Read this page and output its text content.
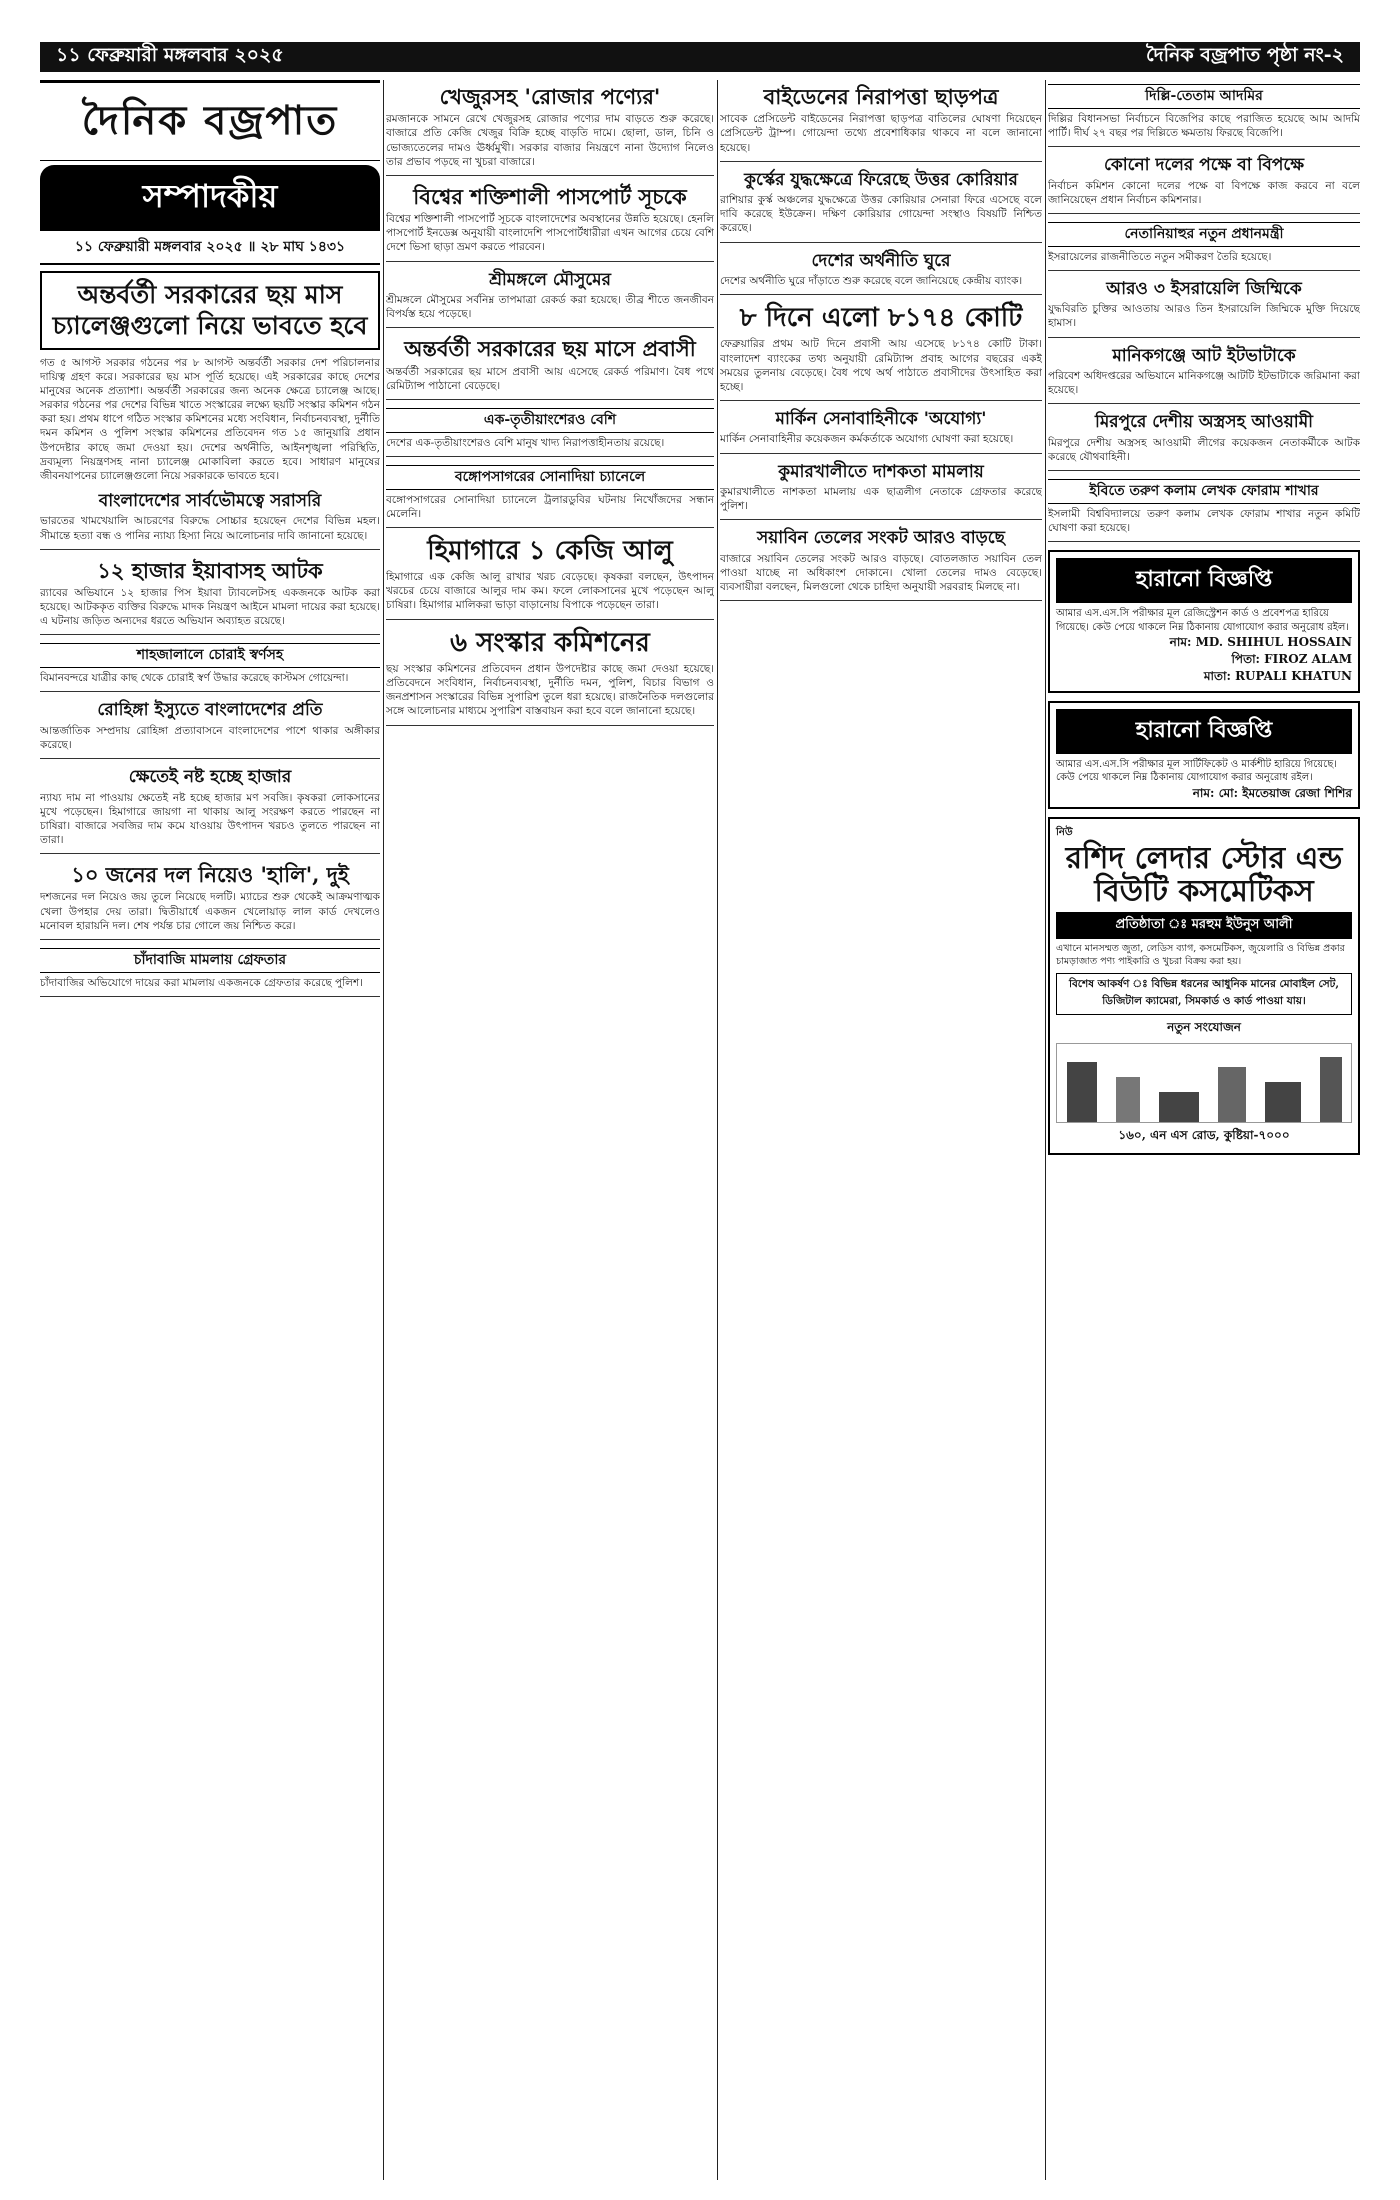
১১ ফেব্রুয়ারী মঙ্গলবার ২০২৫	দৈনিক বজ্রপাত পৃষ্ঠা নং-২
দৈনিক বজ্রপাত
সম্পাদকীয়
১১ ফেব্রুয়ারী মঙ্গলবার ২০২৫ ॥ ২৮ মাঘ ১৪৩১
অন্তর্বর্তী সরকারের ছয় মাস চ্যালেঞ্জগুলো নিয়ে ভাবতে হবে
গত ৫ আগস্ট সরকার গঠনের পর ৮ আগস্ট অন্তর্বর্তী সরকার দেশ পরিচালনার দায়িত্ব গ্রহণ করে। সরকারের ছয় মাস পূর্তি হয়েছে। এই সরকারের কাছে দেশের মানুষের অনেক প্রত্যাশা। অন্তর্বর্তী সরকারের জন্য অনেক ক্ষেত্রে চ্যালেঞ্জ আছে। সরকার গঠনের পর দেশের বিভিন্ন খাতে সংস্কারের লক্ষ্যে ছয়টি সংস্কার কমিশন গঠন করা হয়। প্রথম ধাপে গঠিত সংস্কার কমিশনের মধ্যে সংবিধান, নির্বাচনব্যবস্থা, দুর্নীতি দমন কমিশন ও পুলিশ সংস্কার কমিশনের প্রতিবেদন গত ১৫ জানুয়ারি প্রধান উপদেষ্টার কাছে জমা দেওয়া হয়। দেশের অর্থনীতি, আইনশৃঙ্খলা পরিস্থিতি, দ্রব্যমূল্য নিয়ন্ত্রণসহ নানা চ্যালেঞ্জ মোকাবিলা করতে হবে। সাধারণ মানুষের জীবনযাপনের চ্যালেঞ্জগুলো নিয়ে সরকারকে ভাবতে হবে।
বাংলাদেশের সার্বভৌমত্বে সরাসরি
ভারতের খামখেয়ালি আচরণের বিরুদ্ধে সোচ্চার হয়েছেন দেশের বিভিন্ন মহল। সীমান্তে হত্যা বন্ধ ও পানির ন্যায্য হিস্যা নিয়ে আলোচনার দাবি জানানো হয়েছে।
১২ হাজার ইয়াবাসহ আটক
র‍্যাবের অভিযানে ১২ হাজার পিস ইয়াবা ট্যাবলেটসহ একজনকে আটক করা হয়েছে। আটককৃত ব্যক্তির বিরুদ্ধে মাদক নিয়ন্ত্রণ আইনে মামলা দায়ের করা হয়েছে। এ ঘটনায় জড়িত অন্যদের ধরতে অভিযান অব্যাহত রয়েছে।
শাহজালালে চোরাই স্বর্ণসহ
বিমানবন্দরে যাত্রীর কাছ থেকে চোরাই স্বর্ণ উদ্ধার করেছে কাস্টমস গোয়েন্দা।
রোহিঙ্গা ইস্যুতে বাংলাদেশের প্রতি
আন্তর্জাতিক সম্প্রদায় রোহিঙ্গা প্রত্যাবাসনে বাংলাদেশের পাশে থাকার অঙ্গীকার করেছে।
ক্ষেতেই নষ্ট হচ্ছে হাজার
ন্যায্য দাম না পাওয়ায় ক্ষেতেই নষ্ট হচ্ছে হাজার মণ সবজি। কৃষকরা লোকসানের মুখে পড়েছেন। হিমাগারে জায়গা না থাকায় আলু সংরক্ষণ করতে পারছেন না চাষিরা। বাজারে সবজির দাম কমে যাওয়ায় উৎপাদন খরচও তুলতে পারছেন না তারা।
১০ জনের দল নিয়েও 'হালি', দুই
দশজনের দল নিয়েও জয় তুলে নিয়েছে দলটি। ম্যাচের শুরু থেকেই আক্রমণাত্মক খেলা উপহার দেয় তারা। দ্বিতীয়ার্ধে একজন খেলোয়াড় লাল কার্ড দেখলেও মনোবল হারায়নি দল। শেষ পর্যন্ত চার গোলে জয় নিশ্চিত করে।
চাঁদাবাজি মামলায় গ্রেফতার
চাঁদাবাজির অভিযোগে দায়ের করা মামলায় একজনকে গ্রেফতার করেছে পুলিশ।
খেজুরসহ 'রোজার পণ্যের'
রমজানকে সামনে রেখে খেজুরসহ রোজার পণ্যের দাম বাড়তে শুরু করেছে। বাজারে প্রতি কেজি খেজুর বিক্রি হচ্ছে বাড়তি দামে। ছোলা, ডাল, চিনি ও ভোজ্যতেলের দামও ঊর্ধ্বমুখী। সরকার বাজার নিয়ন্ত্রণে নানা উদ্যোগ নিলেও তার প্রভাব পড়ছে না খুচরা বাজারে।
বিশ্বের শক্তিশালী পাসপোর্ট সূচকে
বিশ্বের শক্তিশালী পাসপোর্ট সূচকে বাংলাদেশের অবস্থানের উন্নতি হয়েছে। হেনলি পাসপোর্ট ইনডেক্স অনুযায়ী বাংলাদেশি পাসপোর্টধারীরা এখন আগের চেয়ে বেশি দেশে ভিসা ছাড়া ভ্রমণ করতে পারবেন।
শ্রীমঙ্গলে মৌসুমের
শ্রীমঙ্গলে মৌসুমের সর্বনিম্ন তাপমাত্রা রেকর্ড করা হয়েছে। তীব্র শীতে জনজীবন বিপর্যস্ত হয়ে পড়েছে।
অন্তর্বর্তী সরকারের ছয় মাসে প্রবাসী
অন্তর্বর্তী সরকারের ছয় মাসে প্রবাসী আয় এসেছে রেকর্ড পরিমাণ। বৈধ পথে রেমিট্যান্স পাঠানো বেড়েছে।
এক-তৃতীয়াংশেরও বেশি
দেশের এক-তৃতীয়াংশেরও বেশি মানুষ খাদ্য নিরাপত্তাহীনতায় রয়েছে।
বঙ্গোপসাগরের সোনাদিয়া চ্যানেলে
বঙ্গোপসাগরের সোনাদিয়া চ্যানেলে ট্রলারডুবির ঘটনায় নিখোঁজদের সন্ধান মেলেনি।
হিমাগারে ১ কেজি আলু
হিমাগারে এক কেজি আলু রাখার খরচ বেড়েছে। কৃষকরা বলছেন, উৎপাদন খরচের চেয়ে বাজারে আলুর দাম কম। ফলে লোকসানের মুখে পড়েছেন আলু চাষিরা। হিমাগার মালিকরা ভাড়া বাড়ানোয় বিপাকে পড়েছেন তারা।
৬ সংস্কার কমিশনের
ছয় সংস্কার কমিশনের প্রতিবেদন প্রধান উপদেষ্টার কাছে জমা দেওয়া হয়েছে। প্রতিবেদনে সংবিধান, নির্বাচনব্যবস্থা, দুর্নীতি দমন, পুলিশ, বিচার বিভাগ ও জনপ্রশাসন সংস্কারের বিভিন্ন সুপারিশ তুলে ধরা হয়েছে। রাজনৈতিক দলগুলোর সঙ্গে আলোচনার মাধ্যমে সুপারিশ বাস্তবায়ন করা হবে বলে জানানো হয়েছে।
বাইডেনের নিরাপত্তা ছাড়পত্র
সাবেক প্রেসিডেন্ট বাইডেনের নিরাপত্তা ছাড়পত্র বাতিলের ঘোষণা দিয়েছেন প্রেসিডেন্ট ট্রাম্প। গোয়েন্দা তথ্যে প্রবেশাধিকার থাকবে না বলে জানানো হয়েছে।
কুর্স্কের যুদ্ধক্ষেত্রে ফিরেছে উত্তর কোরিয়ার
রাশিয়ার কুর্স্ক অঞ্চলের যুদ্ধক্ষেত্রে উত্তর কোরিয়ার সেনারা ফিরে এসেছে বলে দাবি করেছে ইউক্রেন। দক্ষিণ কোরিয়ার গোয়েন্দা সংস্থাও বিষয়টি নিশ্চিত করেছে।
দেশের অর্থনীতি ঘুরে
দেশের অর্থনীতি ঘুরে দাঁড়াতে শুরু করেছে বলে জানিয়েছে কেন্দ্রীয় ব্যাংক।
৮ দিনে এলো ৮১৭৪ কোটি
ফেব্রুয়ারির প্রথম আট দিনে প্রবাসী আয় এসেছে ৮১৭৪ কোটি টাকা। বাংলাদেশ ব্যাংকের তথ্য অনুযায়ী রেমিট্যান্স প্রবাহ আগের বছরের একই সময়ের তুলনায় বেড়েছে। বৈধ পথে অর্থ পাঠাতে প্রবাসীদের উৎসাহিত করা হচ্ছে।
মার্কিন সেনাবাহিনীকে 'অযোগ্য'
মার্কিন সেনাবাহিনীর কয়েকজন কর্মকর্তাকে অযোগ্য ঘোষণা করা হয়েছে।
কুমারখালীতে দাশকতা মামলায়
কুমারখালীতে নাশকতা মামলায় এক ছাত্রলীগ নেতাকে গ্রেফতার করেছে পুলিশ।
সয়াবিন তেলের সংকট আরও বাড়ছে
বাজারে সয়াবিন তেলের সংকট আরও বাড়ছে। বোতলজাত সয়াবিন তেল পাওয়া যাচ্ছে না অধিকাংশ দোকানে। খোলা তেলের দামও বেড়েছে। ব্যবসায়ীরা বলছেন, মিলগুলো থেকে চাহিদা অনুযায়ী সরবরাহ মিলছে না।
দিল্লি-তেতাম আদমির
দিল্লির বিধানসভা নির্বাচনে বিজেপির কাছে পরাজিত হয়েছে আম আদমি পার্টি। দীর্ঘ ২৭ বছর পর দিল্লিতে ক্ষমতায় ফিরছে বিজেপি।
কোনো দলের পক্ষে বা বিপক্ষে
নির্বাচন কমিশন কোনো দলের পক্ষে বা বিপক্ষে কাজ করবে না বলে জানিয়েছেন প্রধান নির্বাচন কমিশনার।
নেতানিয়াহুর নতুন প্রধানমন্ত্রী
ইসরায়েলের রাজনীতিতে নতুন সমীকরণ তৈরি হয়েছে।
আরও ৩ ইসরায়েলি জিম্মিকে
যুদ্ধবিরতি চুক্তির আওতায় আরও তিন ইসরায়েলি জিম্মিকে মুক্তি দিয়েছে হামাস।
মানিকগঞ্জে আট ইটভাটাকে
পরিবেশ অধিদপ্তরের অভিযানে মানিকগঞ্জে আটটি ইটভাটাকে জরিমানা করা হয়েছে।
মিরপুরে দেশীয় অস্ত্রসহ আওয়ামী
মিরপুরে দেশীয় অস্ত্রসহ আওয়ামী লীগের কয়েকজন নেতাকর্মীকে আটক করেছে যৌথবাহিনী।
ইবিতে তরুণ কলাম লেখক ফোরাম শাখার
ইসলামী বিশ্ববিদ্যালয়ে তরুণ কলাম লেখক ফোরাম শাখার নতুন কমিটি ঘোষণা করা হয়েছে।
হারানো বিজ্ঞপ্তি
আমার এস.এস.সি পরীক্ষার মূল রেজিস্ট্রেশন কার্ড ও প্রবেশপত্র হারিয়ে গিয়েছে। কেউ পেয়ে থাকলে নিম্ন ঠিকানায় যোগাযোগ করার অনুরোধ রইল।
নাম: MD. SHIHUL HOSSAIN
পিতা: FIROZ ALAM
মাতা: RUPALI KHATUN
হারানো বিজ্ঞপ্তি
আমার এস.এস.সি পরীক্ষার মূল সার্টিফিকেট ও মার্কশীট হারিয়ে গিয়েছে। কেউ পেয়ে থাকলে নিম্ন ঠিকানায় যোগাযোগ করার অনুরোধ রইল।
নাম: মো: ইমতেয়াজ রেজা শিশির
নিউ
রশিদ লেদার স্টোর এন্ড বিউটি কসমেটিকস
প্রতিষ্ঠাতা ঃ মরহুম ইউনুস আলী
এখানে মানসম্মত জুতা, লেডিস ব্যাগ, কসমেটিকস, জুয়েলারি ও বিভিন্ন প্রকার চামড়াজাত পণ্য পাইকারি ও খুচরা বিক্রয় করা হয়।
বিশেষ আকর্ষণ ঃ বিভিন্ন ধরনের আধুনিক মানের মোবাইল সেট, ডিজিটাল ক্যামেরা, সিমকার্ড ও কার্ড পাওয়া যায়।
নতুন সংযোজন
১৬০, এন এস রোড, কুষ্টিয়া-৭০০০
